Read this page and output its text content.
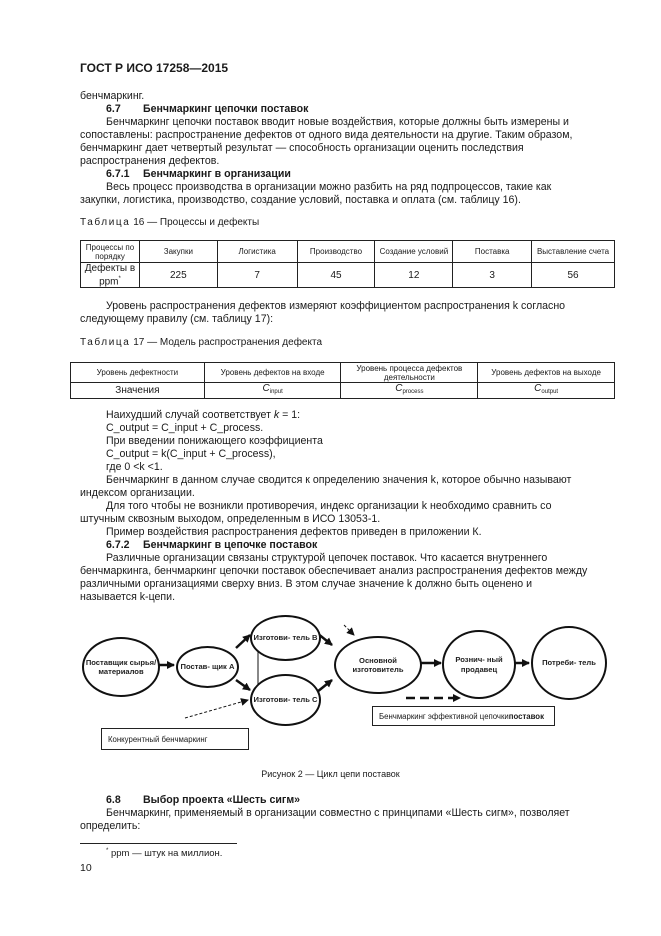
ГОСТ Р ИСО 17258—2015
бенчмаркинг.
6.7 Бенчмаркинг цепочки поставок
Бенчмаркинг цепочки поставок вводит новые воздействия, которые должны быть измерены и
сопоставлены: распространение дефектов от одного вида деятельности на другие. Таким образом,
бенчмаркинг дает четвертый результат — способность организации оценить последствия
распространения дефектов.
6.7.1 Бенчмаркинг в организации
Весь процесс производства в организации можно разбить на ряд подпроцессов, такие как
закупки, логистика, производство, создание условий, поставка и оплата (см. таблицу 16).
Таблица 16 — Процессы и дефекты
Процессы по порядку	Закупки	Логистика	Производство	Создание условий	Поставка	Выставление счета
Дефекты в ppm*	225	7	45	12	3	56
Уровень распространения дефектов измеряют коэффициентом распространения k согласно
следующему правилу (см. таблицу 17):
Таблица 17 — Модель распространения дефекта
Уровень дефектности	Уровень дефектов на входе	Уровень процесса дефектов деятельности	Уровень дефектов на выходе
Значения	$C_{input}$	$C_{process}$	$C_{output}$
Наихудший случай соответствует k = 1:
C_output = C_input + C_process.
При введении понижающего коэффициента
C_output = k(C_input + C_process),
где 0 <k <1.
Бенчмаркинг в данном случае сводится к определению значения k, которое обычно называют
индексом организации.
Для того чтобы не возникли противоречия, индекс организации k необходимо сравнить со
штучным сквозным выходом, определенным в ИСО 13053-1.
Пример воздействия распространения дефектов приведен в приложении К.
6.7.2 Бенчмаркинг в цепочке поставок
Различные организации связаны структурой цепочек поставок. Что касается внутреннего
бенчмаркинга, бенчмаркинг цепочки поставок обеспечивает анализ распространения дефектов между
различными организациями сверху вниз. В этом случае значение k должно быть оценено и
называется k-цепи.
Поставщик сырья/ материалов
Постав- щик А
Изготови- тель В
Изготови- тель С
Основной изготовитель
Рознич- ный продавец
Потреби- тель
Бенчмаркинг эффективной цепочки поставок
Конкурентный бенчмаркинг
Рисунок 2 — Цикл цепи поставок
6.8 Выбор проекта «Шесть сигм»
Бенчмаркинг, применяемый в организации совместно с принципами «Шесть сигм», позволяет
определить:
* ppm — штук на миллион.
10
